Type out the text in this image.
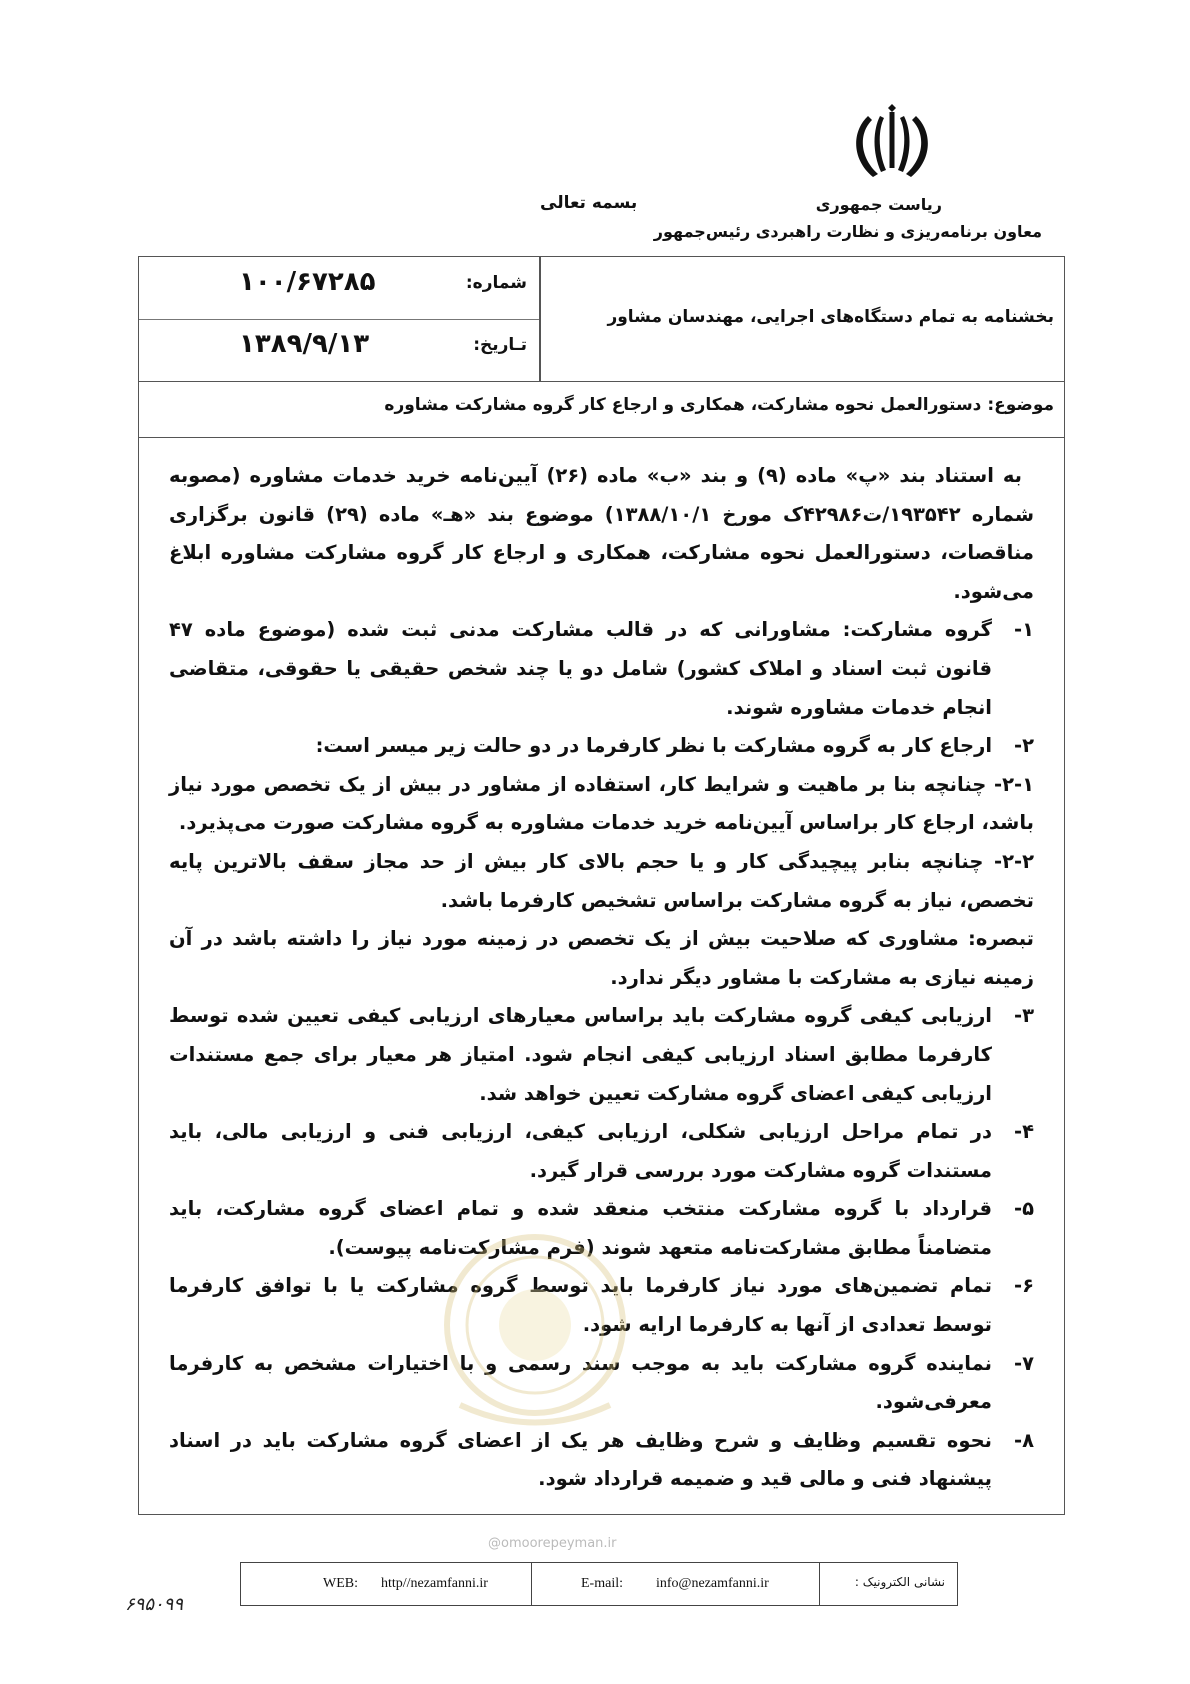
بسمه تعالی	ریاست جمهوری
معاون برنامه‌ریزی و نظارت راهبردی رئیس‌جمهور
شماره:
۱۰۰/۶۷۲۸۵
تـاریخ:
۱۳۸۹/۹/۱۳
بخشنامه به تمام دستگاه‌های اجرایی، مهندسان مشاور
موضوع: دستورالعمل نحوه مشارکت، همکاری و ارجاع کار گروه مشارکت مشاوره

به استناد بند «پ» ماده (۹) و بند «ب» ماده (۲۶) آیین‌نامه خرید خدمات مشاوره (مصوبه شماره ۱۹۳۵۴۲/ت۴۲۹۸۶ک مورخ ۱۳۸۸/۱۰/۱) موضوع بند «هـ» ماده (۲۹) قانون برگزاری مناقصات، دستورالعمل نحوه مشارکت، همکاری و ارجاع کار گروه مشارکت مشاوره ابلاغ می‌شود.

۱-
گروه مشارکت: مشاورانی که در قالب مشارکت مدنی ثبت شده (موضوع ماده ۴۷ قانون ثبت اسناد و املاک کشور) شامل دو یا چند شخص حقیقی یا حقوقی، متقاضی انجام خدمات مشاوره شوند.

۲-
ارجاع کار به گروه مشارکت با نظر کارفرما در دو حالت زیر میسر است:

۲-۱- چنانچه بنا بر ماهیت و شرایط کار، استفاده از مشاور در بیش از یک تخصص مورد نیاز باشد، ارجاع کار براساس آیین‌نامه خرید خدمات مشاوره به گروه مشارکت صورت می‌پذیرد.

۲-۲- چنانچه بنابر پیچیدگی کار و یا حجم بالای کار بیش از حد مجاز سقف بالاترین پایه تخصص، نیاز به گروه مشارکت براساس تشخیص کارفرما باشد.

تبصره: مشاوری که صلاحیت بیش از یک تخصص در زمینه مورد نیاز را داشته باشد در آن زمینه نیازی به مشارکت با مشاور دیگر ندارد.

۳-
ارزیابی کیفی گروه مشارکت باید براساس معیارهای ارزیابی کیفی تعیین شده توسط کارفرما مطابق اسناد ارزیابی کیفی انجام شود. امتیاز هر معیار برای جمع مستندات ارزیابی کیفی اعضای گروه مشارکت تعیین خواهد شد.

۴-
در تمام مراحل ارزیابی شکلی، ارزیابی کیفی، ارزیابی فنی و ارزیابی مالی، باید مستندات گروه مشارکت مورد بررسی قرار گیرد.

۵-
قرارداد با گروه مشارکت منتخب منعقد شده و تمام اعضای گروه مشارکت، باید متضامناً مطابق مشارکت‌نامه متعهد شوند (فرم مشارکت‌نامه پیوست).

۶-
تمام تضمین‌های مورد نیاز کارفرما باید توسط گروه مشارکت یا با توافق کارفرما توسط تعدادی از آنها به کارفرما ارایه شود.

۷-
نماینده گروه مشارکت باید به موجب سند رسمی و با اختیارات مشخص به کارفرما معرفی‌شود.

۸-
نحوه تقسیم وظایف و شرح وظایف هر یک از اعضای گروه مشارکت باید در اسناد پیشنهاد فنی و مالی قید و ضمیمه قرارداد شود.

@omoorepeyman.ir
WEB: http//nezamfanni.ir	E-mail: info@nezamfanni.ir	نشانی الکترونیک :
۶۹۵۰۹۹
